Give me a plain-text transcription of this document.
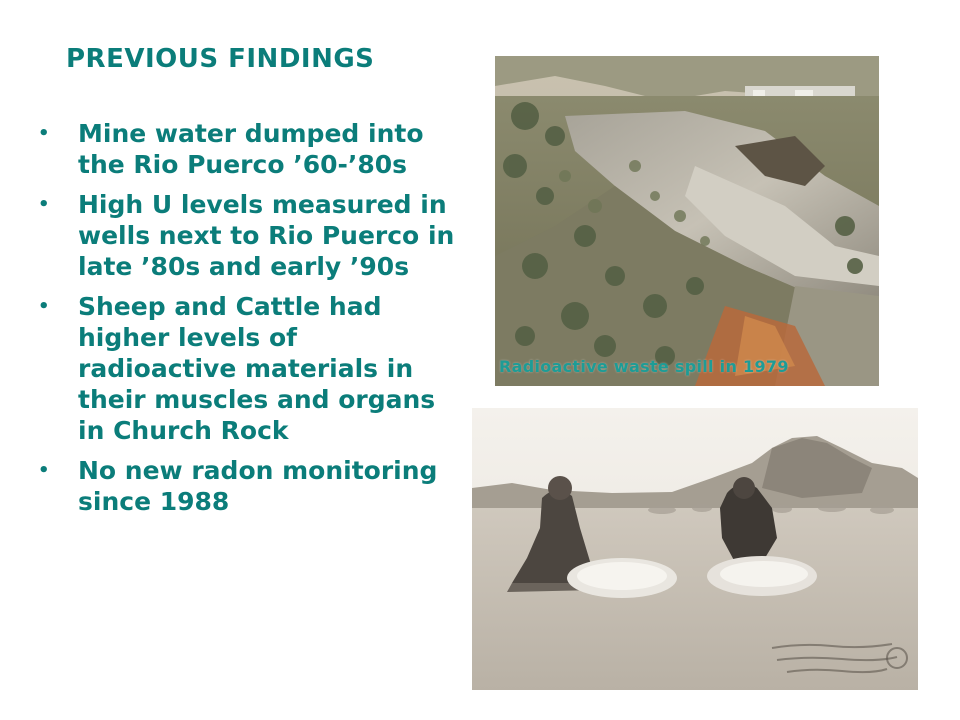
PREVIOUS FINDINGS
• Mine water dumped into the Rio Puerco ’60-’80s
• High U levels measured in wells next to Rio Puerco in late ’80s and early ’90s
• Sheep and Cattle had higher levels of radioactive materials in their muscles and organs in Church Rock
• No new radon monitoring since 1988
Radioactive waste spill in 1979
